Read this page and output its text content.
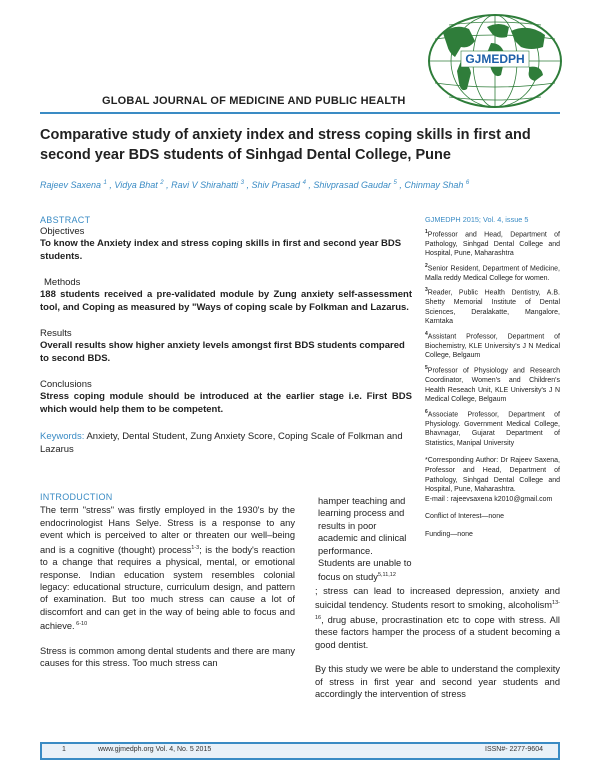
GJMEDPH
GLOBAL JOURNAL OF MEDICINE AND PUBLIC HEALTH
Comparative study of anxiety index and stress coping skills in first and second year BDS students of Sinhgad Dental College, Pune
Rajeev Saxena $^1$ , Vidya Bhat $^2$ , Ravi V Shirahatti $^3$ , Shiv Prasad $^4$ , Shivprasad Gaudar $^5$ , Chinmay Shah $^6$
ABSTRACT
Objectives

To know the Anxiety index and stress coping skills in first and second year BDS students.

Methods

188 students received a pre-validated module by Zung anxiety self-assessment tool, and Coping as measured by "Ways of coping scale by Folkman and Lazarus.

Results

Overall results show higher anxiety levels amongst first BDS students compared to second BDS.

Conclusions

Stress coping module should be introduced at the earlier stage i.e. First BDS which would help them to be competent.

Keywords: Anxiety, Dental Student, Zung Anxiety Score, Coping Scale of Folkman and Lazarus

GJMEDPH 2015; Vol. 4, issue 5
$^1$Professor and Head, Department of Pathology, Sinhgad Dental College and Hospital, Pune, Maharashtra
$^2$Senior Resident, Department of Medicine, Malla reddy Medical College for women.
$^3$Reader, Public Health Dentistry, A.B. Shetty Memorial Institute of Dental Sciences, Deralakatte, Mangalore, Karntaka
$^4$Assistant Professor, Department of Biochemistry, KLE University's J N Medical College, Belgaum
$^5$Professor of Physiology and Research Coordinator, Women's and Children's Health Reseach Unit, KLE University's J N Medical College, Belgaum
$^6$Associate Professor, Department of Physiology. Government Medical College, Bhavnagar, Gujarat Department of Statistics, Manipal University
*Corresponding Author: Dr Rajeev Saxena, Professor and Head, Department of Pathology, Sinhgad Dental College and Hospital, Pune, Maharashtra.
E-mail : rajeevsaxena k2010@gmail.com
Conflict of Interest—none
Funding—none
INTRODUCTION

The term "stress" was firstly employed in the 1930's by the endocrinologist Hans Selye. Stress is a response to any event which is perceived to alter or threaten our well–being and is a cognitive (thought) process$^{1-3}$; is the body's reaction to a change that requires a physical, mental, or emotional response. Indian education system resembles colonial legacy: educational structure, curriculum design, and pattern of examination. But too much stress can cause a lot of discomfort and can get in the way of being able to focus and achieve. $^{6-10}$

Stress is common among dental students and there are many causes for this stress. Too much stress can

hamper teaching and learning process and results in poor academic and clinical performance.
Students are unable to focus on study$^{5,11,12}$

; stress can lead to increased depression, anxiety and suicidal tendency. Students resort to smoking, alcoholism$^{13-16}$, drug abuse, procrastination etc to cope with stress. All these factors hamper the process of a student becoming a good dentist.

By this study we were be able to understand the complexity of stress in first year and second year students and accordingly the intervention of stress

1	www.gjmedph.org Vol. 4, No. 5 2015	ISSN#- 2277-9604
